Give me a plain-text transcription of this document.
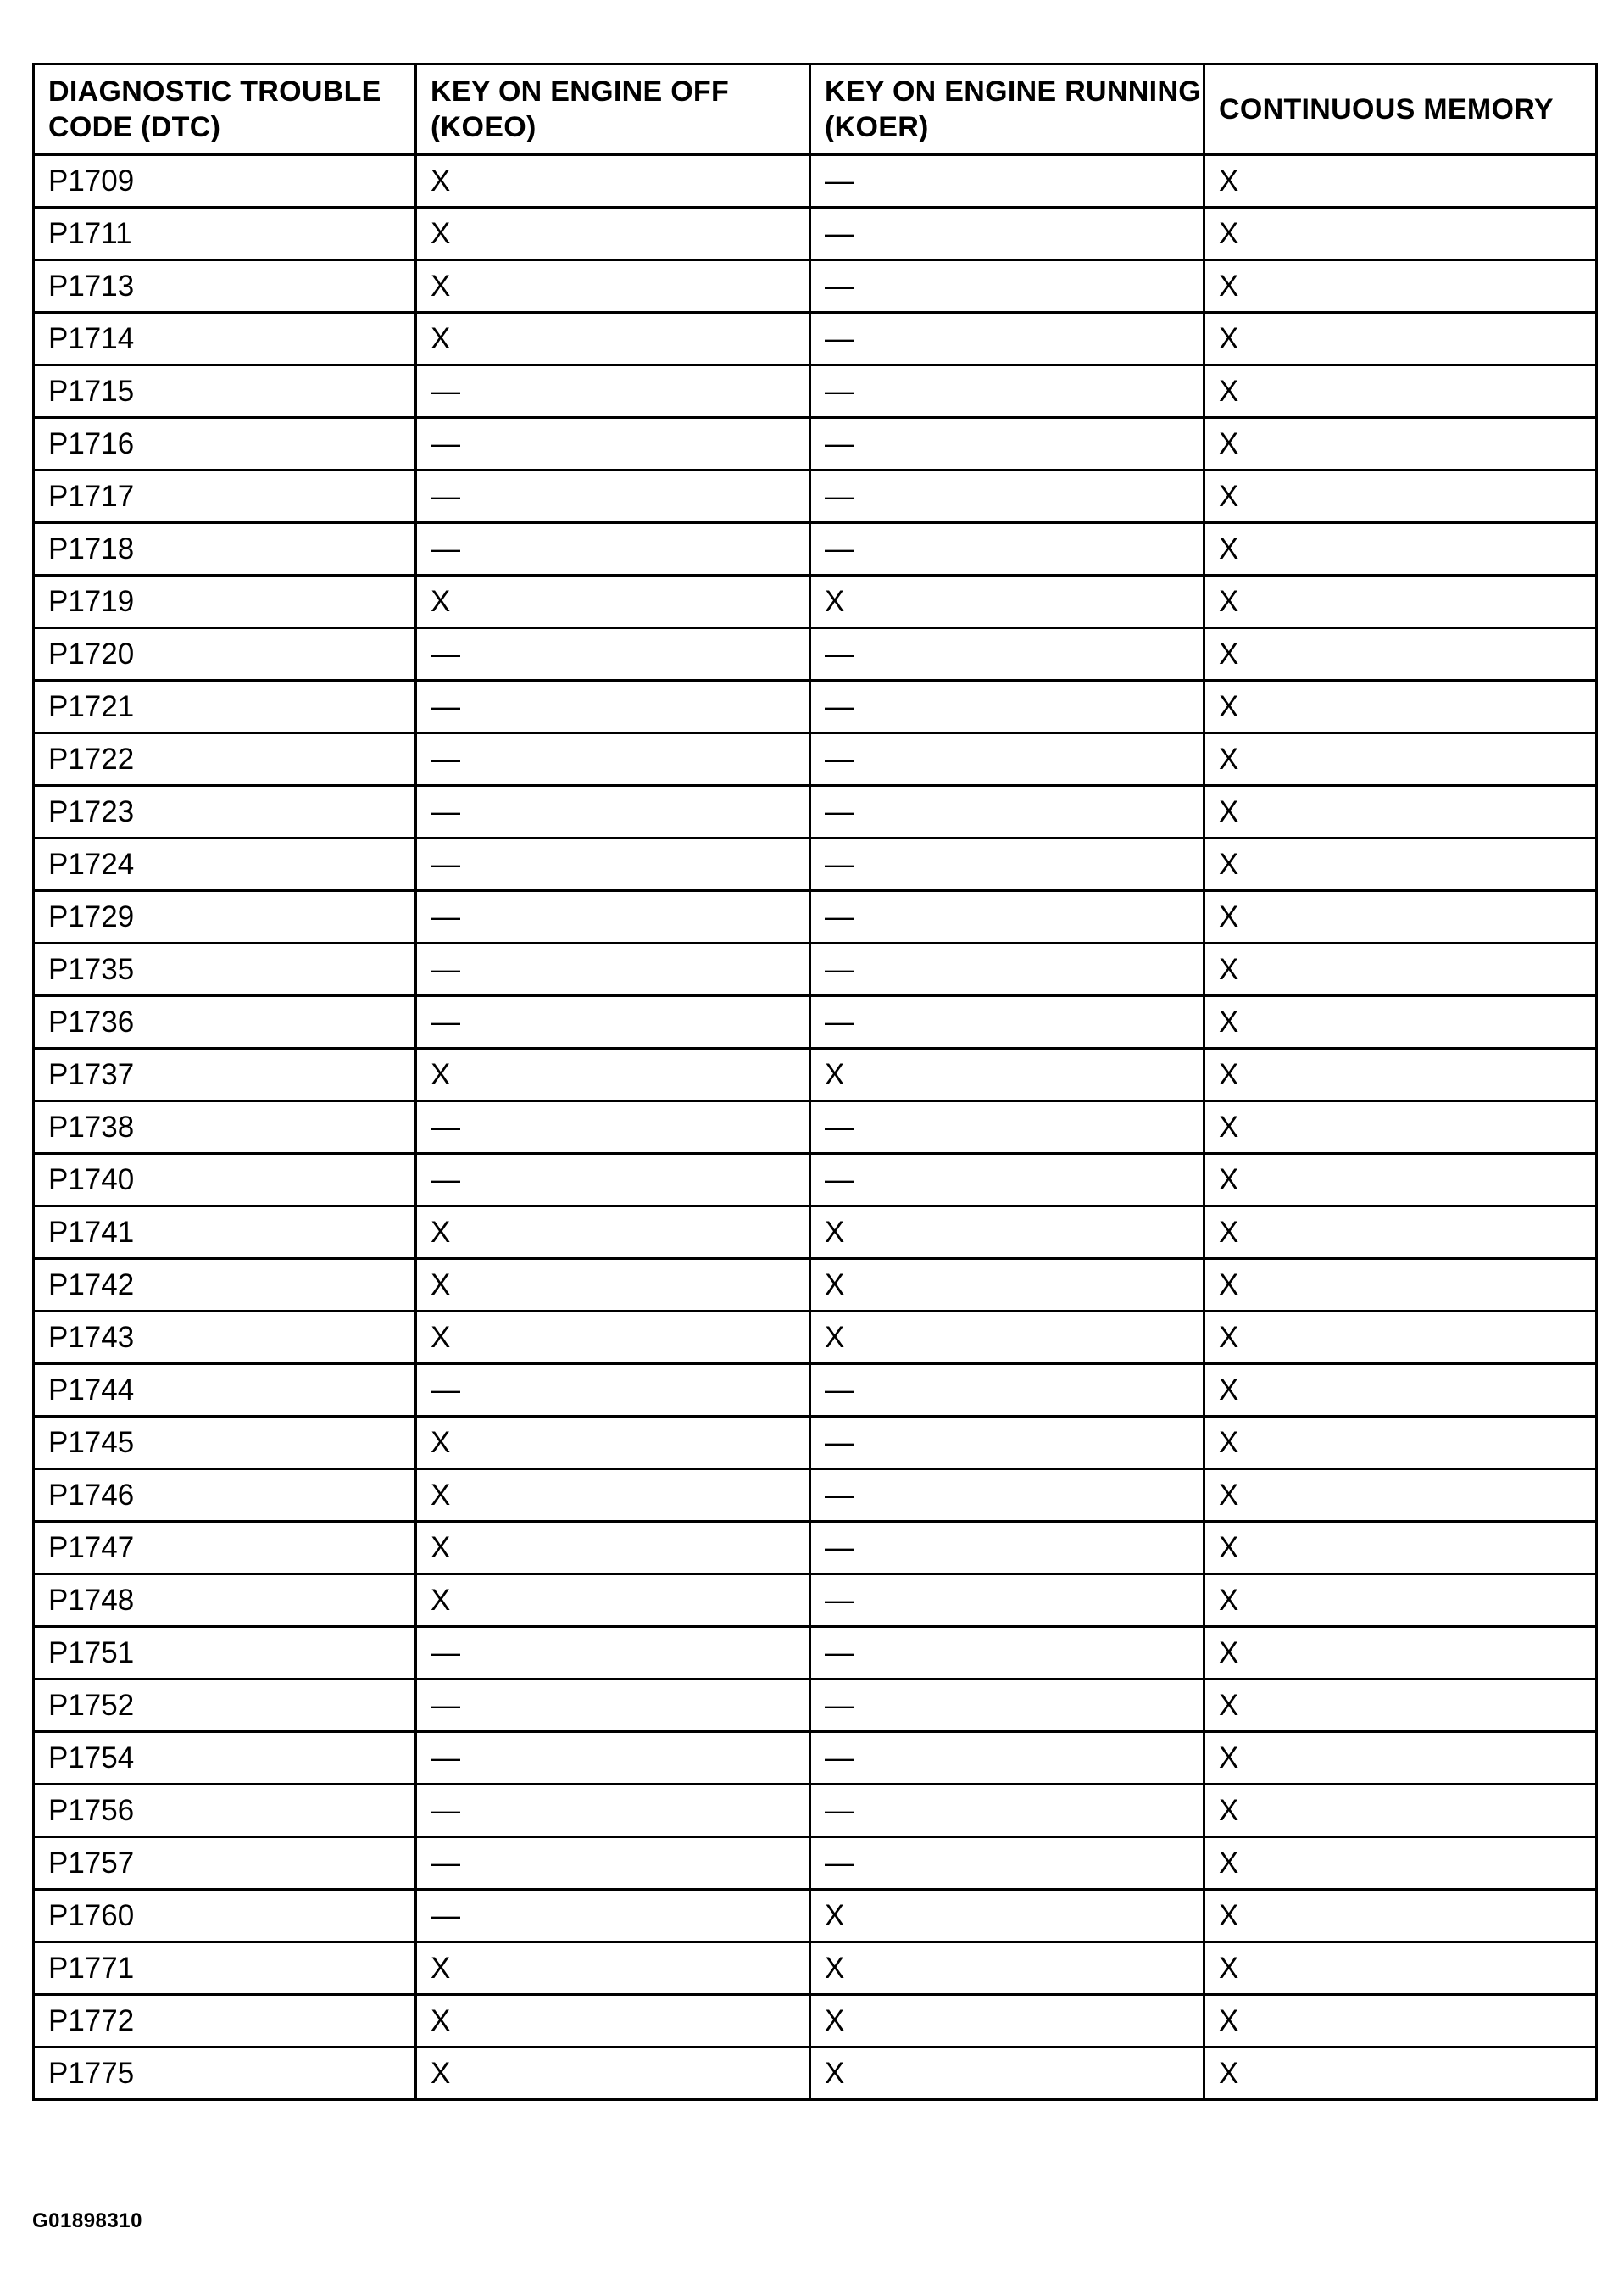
DIAGNOSTIC TROUBLE CODE (DTC)	KEY ON ENGINE OFF (KOEO)	KEY ON ENGINE RUNNING (KOER)	CONTINUOUS MEMORY
P1709	X	—	X
P1711	X	—	X
P1713	X	—	X
P1714	X	—	X
P1715	—	—	X
P1716	—	—	X
P1717	—	—	X
P1718	—	—	X
P1719	X	X	X
P1720	—	—	X
P1721	—	—	X
P1722	—	—	X
P1723	—	—	X
P1724	—	—	X
P1729	—	—	X
P1735	—	—	X
P1736	—	—	X
P1737	X	X	X
P1738	—	—	X
P1740	—	—	X
P1741	X	X	X
P1742	X	X	X
P1743	X	X	X
P1744	—	—	X
P1745	X	—	X
P1746	X	—	X
P1747	X	—	X
P1748	X	—	X
P1751	—	—	X
P1752	—	—	X
P1754	—	—	X
P1756	—	—	X
P1757	—	—	X
P1760	—	X	X
P1771	X	X	X
P1772	X	X	X
P1775	X	X	X
G01898310
